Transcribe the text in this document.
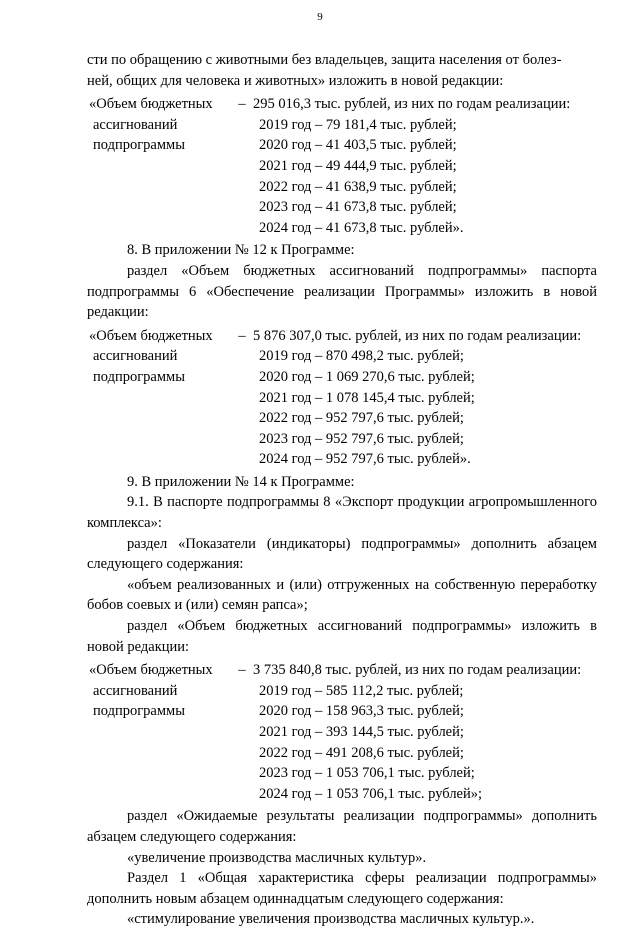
9

сти по обращению с животными без владельцев, защита населения от болез-

ней, общих для человека и животных» изложить в новой редакции:

«Объем бюджетных
ассигнований
подпрограммы
– 295 016,3 тыс. рублей, из них по годам реализации:
2019 год – 79 181,4 тыс. рублей;
2020 год – 41 403,5 тыс. рублей;
2021 год – 49 444,9 тыс. рублей;
2022 год – 41 638,9 тыс. рублей;
2023 год – 41 673,8 тыс. рублей;
2024 год – 41 673,8 тыс. рублей».

8. В приложении № 12 к Программе:

раздел «Объем бюджетных ассигнований подпрограммы» паспорта подпрограммы 6 «Обеспечение реализации Программы» изложить в новой редакции:

«Объем бюджетных
ассигнований
подпрограммы
– 5 876 307,0 тыс. рублей, из них по годам реализации:
2019 год – 870 498,2 тыс. рублей;
2020 год – 1 069 270,6 тыс. рублей;
2021 год – 1 078 145,4 тыс. рублей;
2022 год – 952 797,6 тыс. рублей;
2023 год – 952 797,6 тыс. рублей;
2024 год – 952 797,6 тыс. рублей».

9. В приложении № 14 к Программе:

9.1. В паспорте подпрограммы 8 «Экспорт продукции агропромышленного комплекса»:

раздел «Показатели (индикаторы) подпрограммы» дополнить абзацем следующего содержания:

«объем реализованных и (или) отгруженных на собственную переработку бобов соевых и (или) семян рапса»;

раздел «Объем бюджетных ассигнований подпрограммы» изложить в новой редакции:

«Объем бюджетных
ассигнований
подпрограммы
– 3 735 840,8 тыс. рублей, из них по годам реализации:
2019 год – 585 112,2 тыс. рублей;
2020 год – 158 963,3 тыс. рублей;
2021 год – 393 144,5 тыс. рублей;
2022 год – 491 208,6 тыс. рублей;
2023 год – 1 053 706,1 тыс. рублей;
2024 год – 1 053 706,1 тыс. рублей»;

раздел «Ожидаемые результаты реализации подпрограммы» дополнить абзацем следующего содержания:

«увеличение производства масличных культур».

Раздел 1 «Общая характеристика сферы реализации подпрограммы» дополнить новым абзацем одиннадцатым следующего содержания:

«стимулирование увеличения производства масличных культур.».
